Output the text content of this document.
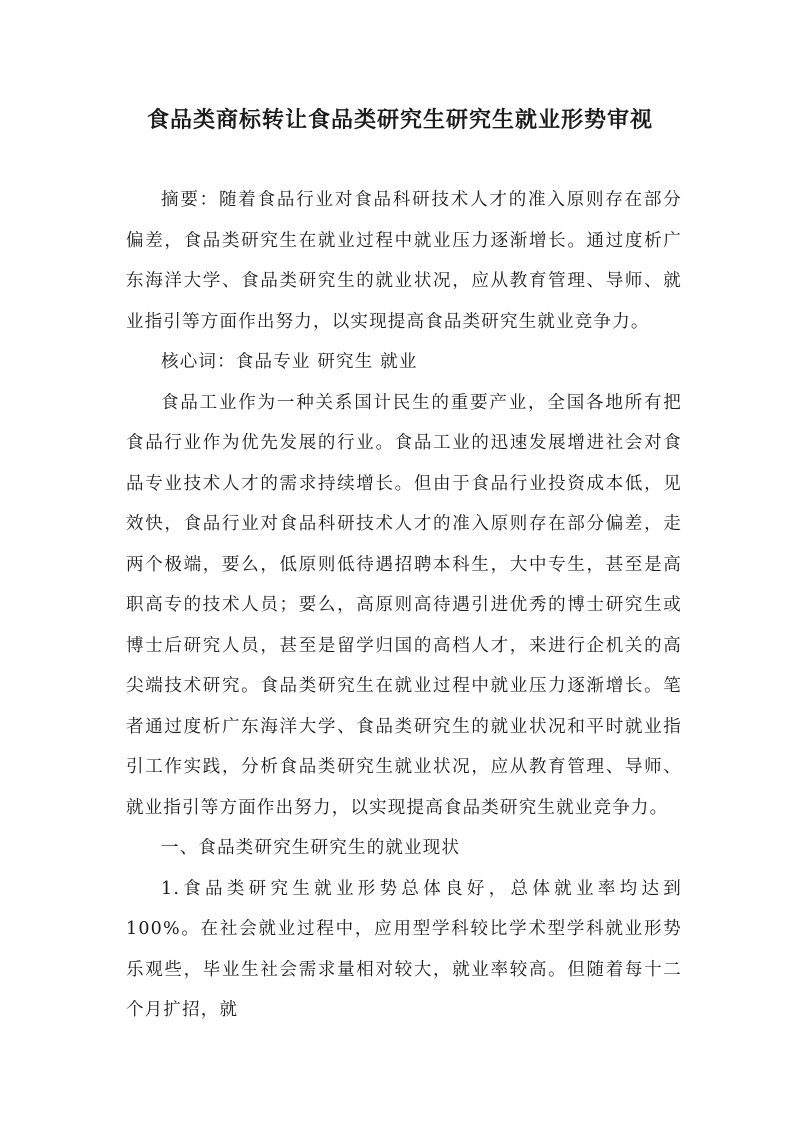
食品类商标转让食品类研究生研究生就业形势审视

摘要：随着食品行业对食品科研技术人才的准入原则存在部分偏差，食品类研究生在就业过程中就业压力逐渐增长。通过度析广东海洋大学、食品类研究生的就业状况，应从教育管理、导师、就业指引等方面作出努力，以实现提高食品类研究生就业竞争力。

核心词：食品专业 研究生 就业

食品工业作为一种关系国计民生的重要产业，全国各地所有把食品行业作为优先发展的行业。食品工业的迅速发展增进社会对食品专业技术人才的需求持续增长。但由于食品行业投资成本低，见效快，食品行业对食品科研技术人才的准入原则存在部分偏差，走两个极端，要么，低原则低待遇招聘本科生，大中专生，甚至是高职高专的技术人员；要么，高原则高待遇引进优秀的博士研究生或博士后研究人员，甚至是留学归国的高档人才，来进行企机关的高尖端技术研究。食品类研究生在就业过程中就业压力逐渐增长。笔者通过度析广东海洋大学、食品类研究生的就业状况和平时就业指引工作实践，分析食品类研究生就业状况，应从教育管理、导师、就业指引等方面作出努力，以实现提高食品类研究生就业竞争力。

一、食品类研究生研究生的就业现状

1.食品类研究生就业形势总体良好，总体就业率均达到100%。在社会就业过程中，应用型学科较比学术型学科就业形势乐观些，毕业生社会需求量相对较大，就业率较高。但随着每十二个月扩招，就
